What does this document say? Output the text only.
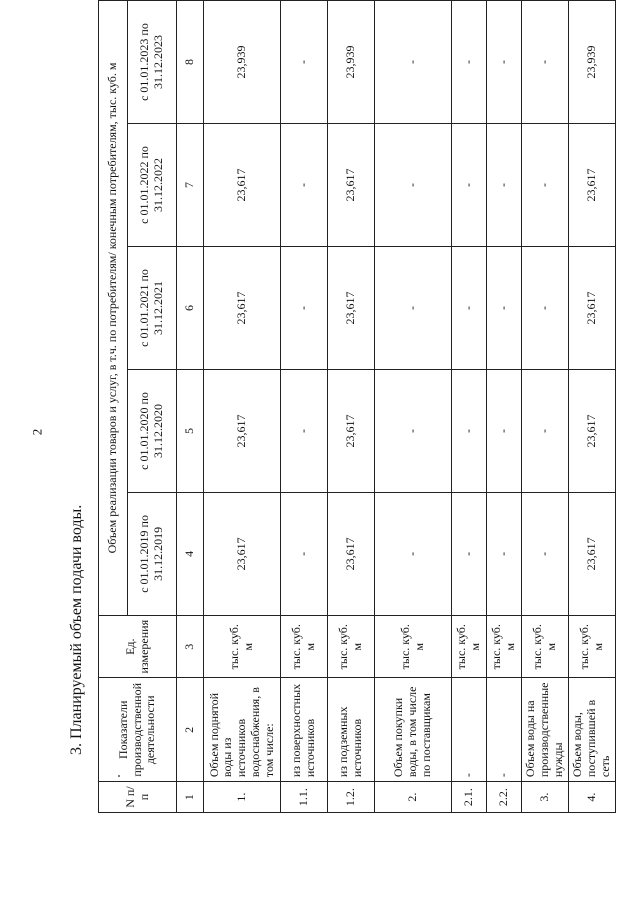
2
3. Планируемый объем подачи воды.
N п/п	Показатели производственной деятельности	Ед. измерения	Объем реализации товаров и услуг, в т.ч. по потребителям/ конечным потребителям, тыс. куб. м				
			с 01.01.2019 по 31.12.2019	с 01.01.2020 по 31.12.2020	с 01.01.2021 по 31.12.2021	с 01.01.2022 по 31.12.2022	с 01.01.2023 по 31.12.2023
1	2	3	4	5	6	7	8
1.	Объем поднятой воды из источников водоснабжения, в том числе:	тыс. куб. м	23,617	23,617	23,617	23,617	23,939
1.1.	из поверхностных источников	тыс. куб. м	-	-	-	-	-
1.2.	из подземных источников	тыс. куб. м	23,617	23,617	23,617	23,617	23,939
2.	Объем покупки воды, в том числе по поставщикам	тыс. куб. м	-	-	-	-	-
2.1.	-	тыс. куб. м	-	-	-	-	-
2.2.	-	тыс. куб. м	-	-	-	-	-
3.	Объем воды на производственные нужды	тыс. куб. м	-	-	-	-	-
4.	Объем воды, поступившей в сеть	тыс. куб. м	23,617	23,617	23,617	23,617	23,939
